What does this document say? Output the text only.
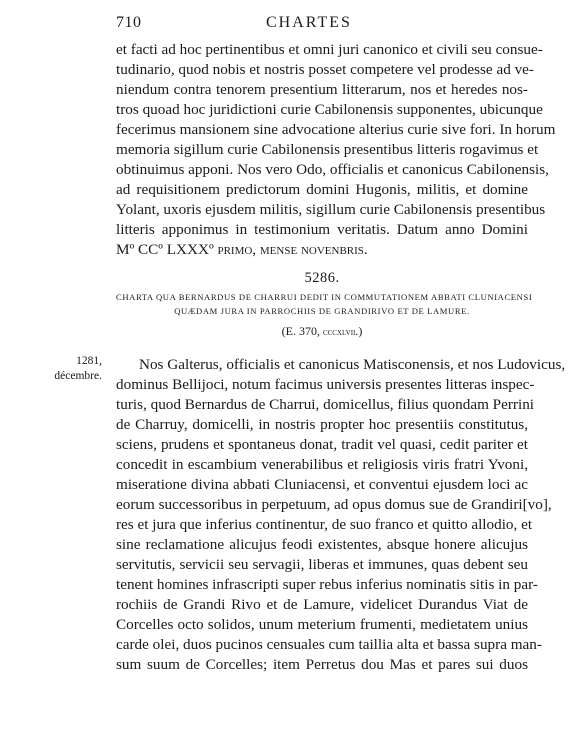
710	CHARTES
et facti ad hoc pertinentibus et omni juri canonico et civili seu consue-
tudinario, quod nobis et nostris posset competere vel prodesse ad ve-
niendum contra tenorem presentium litterarum, nos et heredes nos-
tros quoad hoc juridictioni curie Cabilonensis supponentes, ubicunque
fecerimus mansionem sine advocatione alterius curie sive fori. In horum
memoria sigillum curie Cabilonensis presentibus litteris rogavimus et
obtinuimus apponi. Nos vero Odo, officialis et canonicus Cabilonensis,
ad requisitionem predictorum domini Hugonis, militis, et domine
Yolant, uxoris ejusdem militis, sigillum curie Cabilonensis presentibus
litteris apponimus in testimonium veritatis. Datum anno Domini
Mº CCº LXXXº primo, mense novenbris.
5286.
CHARTA QUA BERNARDUS DE CHARRUI DEDIT IN COMMUTATIONEM ABBATI CLUNIACENSI
QUÆDAM JURA IN PARROCHIIS DE GRANDIRIVO ET DE LAMURE.
(E. 370, cccxlvii.)
1281,
décembre.
Nos Galterus, officialis et canonicus Matisconensis, et nos Ludovicus,
dominus Bellijoci, notum facimus universis presentes litteras inspec-
turis, quod Bernardus de Charrui, domicellus, filius quondam Perrini
de Charruy, domicelli, in nostris propter hoc presentiis constitutus,
sciens, prudens et spontaneus donat, tradit vel quasi, cedit pariter et
concedit in escambium venerabilibus et religiosis viris fratri Yvoni,
miseratione divina abbati Cluniacensi, et conventui ejusdem loci ac
eorum successoribus in perpetuum, ad opus domus sue de Grandiri[vo],
res et jura que inferius continentur, de suo franco et quitto allodio, et
sine reclamatione alicujus feodi existentes, absque honere alicujus
servitutis, servicii seu servagii, liberas et immunes, quas debent seu
tenent homines infrascripti super rebus inferius nominatis sitis in par-
rochiis de Grandi Rivo et de Lamure, videlicet Durandus Viat de
Corcelles octo solidos, unum meterium frumenti, medietatem unius
carde olei, duos pucinos censuales cum taillia alta et bassa supra man-
sum suum de Corcelles; item Perretus dou Mas et pares sui duos
